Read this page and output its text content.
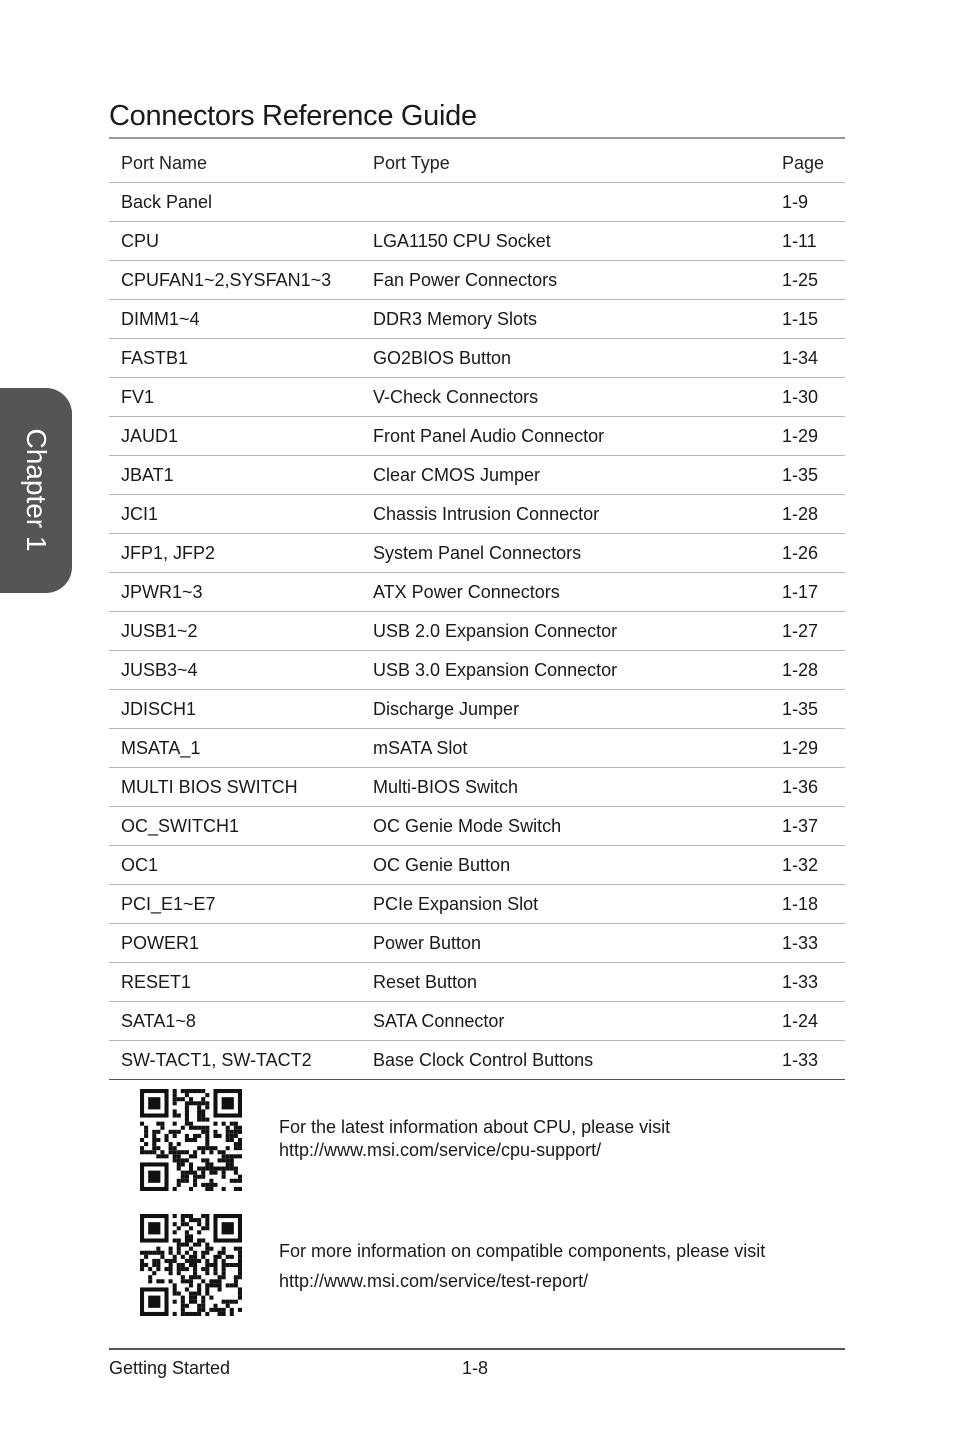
Chapter 1
Connectors Reference Guide
Port Name	Port Type	Page
Back Panel		1-9
CPU	LGA1150 CPU Socket	1-11
CPUFAN1~2,SYSFAN1~3	Fan Power Connectors	1-25
DIMM1~4	DDR3 Memory Slots	1-15
FASTB1	GO2BIOS Button	1-34
FV1	V-Check Connectors	1-30
JAUD1	Front Panel Audio Connector	1-29
JBAT1	Clear CMOS Jumper	1-35
JCI1	Chassis Intrusion Connector	1-28
JFP1, JFP2	System Panel Connectors	1-26
JPWR1~3	ATX Power Connectors	1-17
JUSB1~2	USB 2.0 Expansion Connector	1-27
JUSB3~4	USB 3.0 Expansion Connector	1-28
JDISCH1	Discharge Jumper	1-35
MSATA_1	mSATA Slot	1-29
MULTI BIOS SWITCH	Multi-BIOS Switch	1-36
OC_SWITCH1	OC Genie Mode Switch	1-37
OC1	OC Genie Button	1-32
PCI_E1~E7	PCIe Expansion Slot	1-18
POWER1	Power Button	1-33
RESET1	Reset Button	1-33
SATA1~8	SATA Connector	1-24
SW-TACT1, SW-TACT2	Base Clock Control Buttons	1-33

For the latest information about CPU, please visit

http://www.msi.com/service/cpu-support/

For more information on compatible components, please visit

http://www.msi.com/service/test-report/

Getting Started	1-8
